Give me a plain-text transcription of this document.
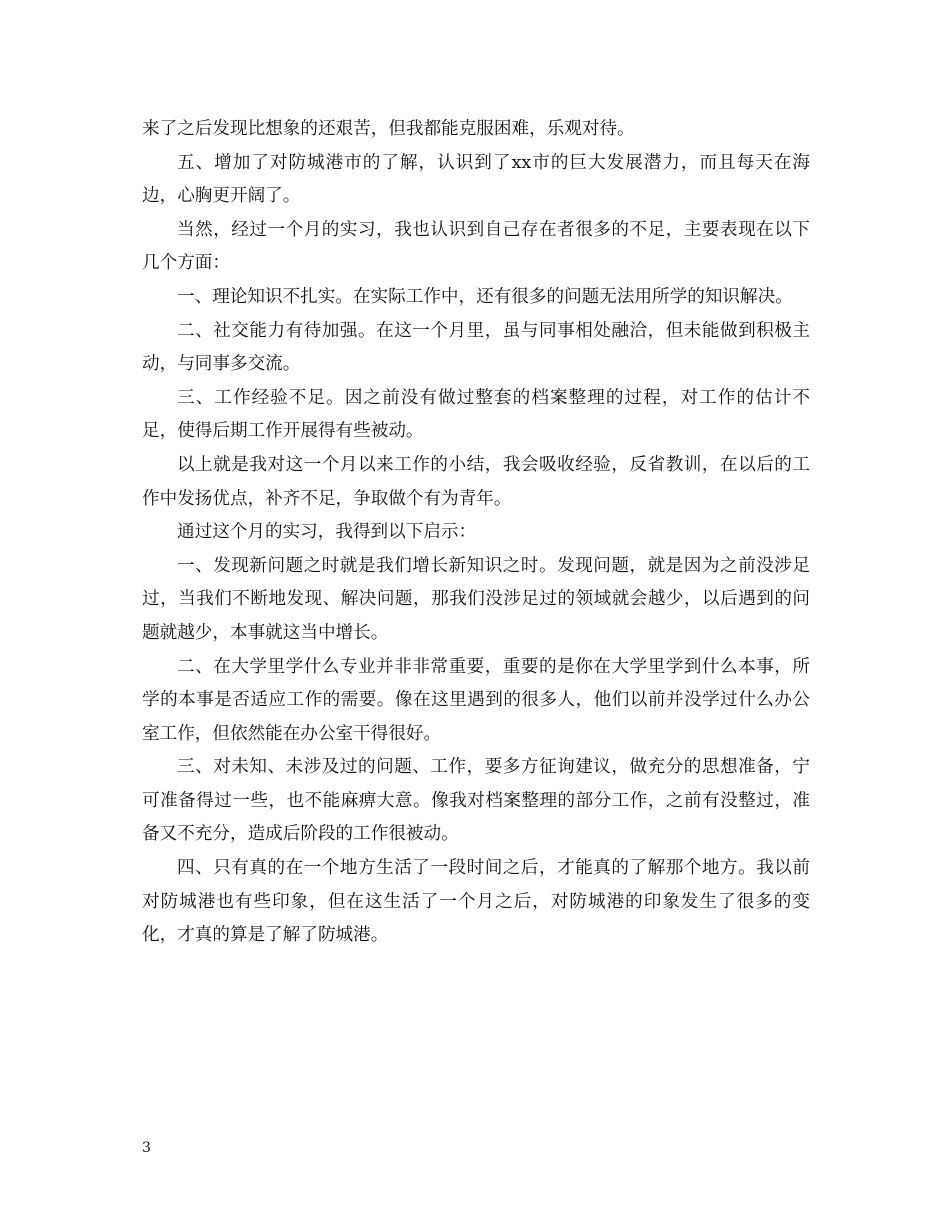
来了之后发现比想象的还艰苦，但我都能克服困难，乐观对待。

五、增加了对防城港市的了解，认识到了xx市的巨大发展潜力，而且每天在海边，心胸更开阔了。

当然，经过一个月的实习，我也认识到自己存在者很多的不足，主要表现在以下几个方面：

一、理论知识不扎实。在实际工作中，还有很多的问题无法用所学的知识解决。

二、社交能力有待加强。在这一个月里，虽与同事相处融洽，但未能做到积极主动，与同事多交流。

三、工作经验不足。因之前没有做过整套的档案整理的过程，对工作的估计不足，使得后期工作开展得有些被动。

以上就是我对这一个月以来工作的小结，我会吸收经验，反省教训，在以后的工作中发扬优点，补齐不足，争取做个有为青年。

通过这个月的实习，我得到以下启示：

一、发现新问题之时就是我们增长新知识之时。发现问题，就是因为之前没涉足过，当我们不断地发现、解决问题，那我们没涉足过的领域就会越少，以后遇到的问题就越少，本事就这当中增长。

二、在大学里学什么专业并非非常重要，重要的是你在大学里学到什么本事，所学的本事是否适应工作的需要。像在这里遇到的很多人，他们以前并没学过什么办公室工作，但依然能在办公室干得很好。

三、对未知、未涉及过的问题、工作，要多方征询建议，做充分的思想准备，宁可准备得过一些，也不能麻痹大意。像我对档案整理的部分工作，之前有没整过，准备又不充分，造成后阶段的工作很被动。

四、只有真的在一个地方生活了一段时间之后，才能真的了解那个地方。我以前对防城港也有些印象，但在这生活了一个月之后，对防城港的印象发生了很多的变化，才真的算是了解了防城港。

3
